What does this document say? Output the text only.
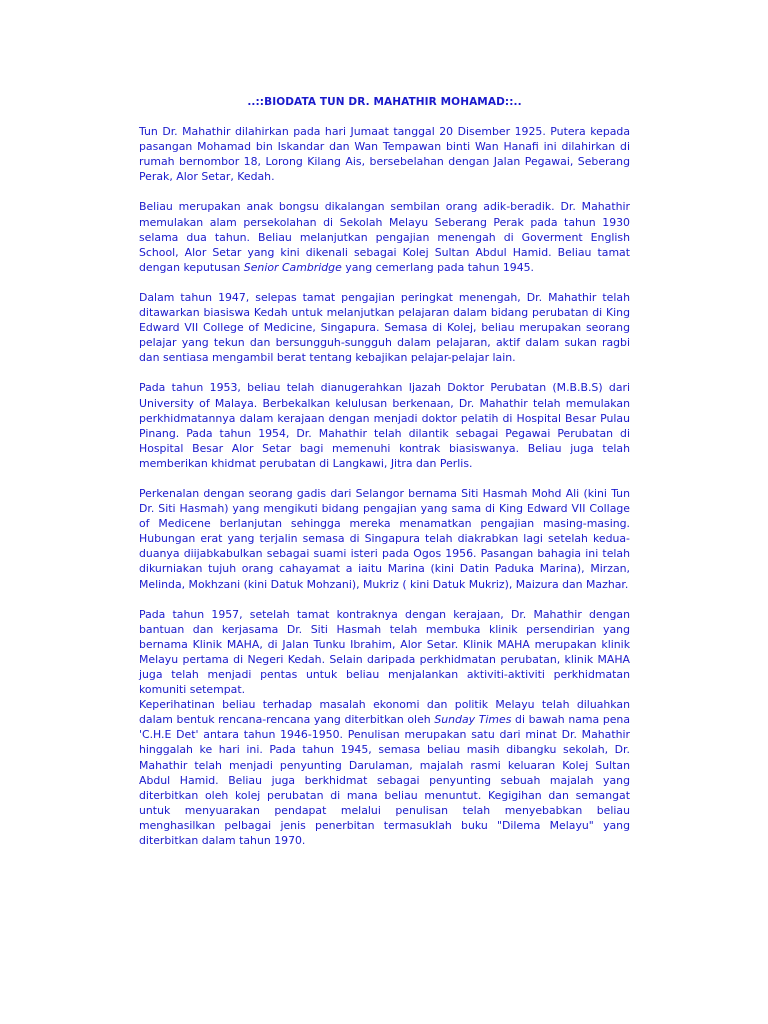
..::BIODATA TUN DR. MAHATHIR MOHAMAD::..

Tun Dr. Mahathir dilahirkan pada hari Jumaat tanggal 20 Disember 1925. Putera kepada pasangan Mohamad bin Iskandar dan Wan Tempawan binti Wan Hanafi ini dilahirkan di rumah bernombor 18, Lorong Kilang Ais, bersebelahan dengan Jalan Pegawai, Seberang Perak, Alor Setar, Kedah.

Beliau merupakan anak bongsu dikalangan sembilan orang adik-beradik. Dr. Mahathir memulakan alam persekolahan di Sekolah Melayu Seberang Perak pada tahun 1930 selama dua tahun. Beliau melanjutkan pengajian menengah di Goverment English School, Alor Setar yang kini dikenali sebagai Kolej Sultan Abdul Hamid. Beliau tamat dengan keputusan Senior Cambridge yang cemerlang pada tahun 1945.

Dalam tahun 1947, selepas tamat pengajian peringkat menengah, Dr. Mahathir telah ditawarkan biasiswa Kedah untuk melanjutkan pelajaran dalam bidang perubatan di King Edward VII College of Medicine, Singapura. Semasa di Kolej, beliau merupakan seorang pelajar yang tekun dan bersungguh-sungguh dalam pelajaran, aktif dalam sukan ragbi dan sentiasa mengambil berat tentang kebajikan pelajar-pelajar lain.

Pada tahun 1953, beliau telah dianugerahkan Ijazah Doktor Perubatan (M.B.B.S) dari University of Malaya. Berbekalkan kelulusan berkenaan, Dr. Mahathir telah memulakan perkhidmatannya dalam kerajaan dengan menjadi doktor pelatih di Hospital Besar Pulau Pinang. Pada tahun 1954, Dr. Mahathir telah dilantik sebagai Pegawai Perubatan di Hospital Besar Alor Setar bagi memenuhi kontrak biasiswanya. Beliau juga telah memberikan khidmat perubatan di Langkawi, Jitra dan Perlis.

Perkenalan dengan seorang gadis dari Selangor bernama Siti Hasmah Mohd Ali (kini Tun Dr. Siti Hasmah) yang mengikuti bidang pengajian yang sama di King Edward VII Collage of Medicene berlanjutan sehingga mereka menamatkan pengajian masing-masing. Hubungan erat yang terjalin semasa di Singapura telah diakrabkan lagi setelah kedua-duanya diijabkabulkan sebagai suami isteri pada Ogos 1956. Pasangan bahagia ini telah dikurniakan tujuh orang cahayamat a iaitu Marina (kini Datin Paduka Marina), Mirzan, Melinda, Mokhzani (kini Datuk Mohzani), Mukriz ( kini Datuk Mukriz), Maizura dan Mazhar.

Pada tahun 1957, setelah tamat kontraknya dengan kerajaan, Dr. Mahathir dengan bantuan dan kerjasama Dr. Siti Hasmah telah membuka klinik persendirian yang bernama Klinik MAHA, di Jalan Tunku Ibrahim, Alor Setar. Klinik MAHA merupakan klinik Melayu pertama di Negeri Kedah. Selain daripada perkhidmatan perubatan, klinik MAHA juga telah menjadi pentas untuk beliau menjalankan aktiviti-aktiviti perkhidmatan komuniti setempat.

Keperihatinan beliau terhadap masalah ekonomi dan politik Melayu telah diluahkan dalam bentuk rencana-rencana yang diterbitkan oleh Sunday Times di bawah nama pena 'C.H.E Det' antara tahun 1946-1950. Penulisan merupakan satu dari minat Dr. Mahathir hinggalah ke hari ini. Pada tahun 1945, semasa beliau masih dibangku sekolah, Dr. Mahathir telah menjadi penyunting Darulaman, majalah rasmi keluaran Kolej Sultan Abdul Hamid. Beliau juga berkhidmat sebagai penyunting sebuah majalah yang diterbitkan oleh kolej perubatan di mana beliau menuntut. Kegigihan dan semangat untuk menyuarakan pendapat melalui penulisan telah menyebabkan beliau menghasilkan pelbagai jenis penerbitan termasuklah buku "Dilema Melayu" yang diterbitkan dalam tahun 1970.
